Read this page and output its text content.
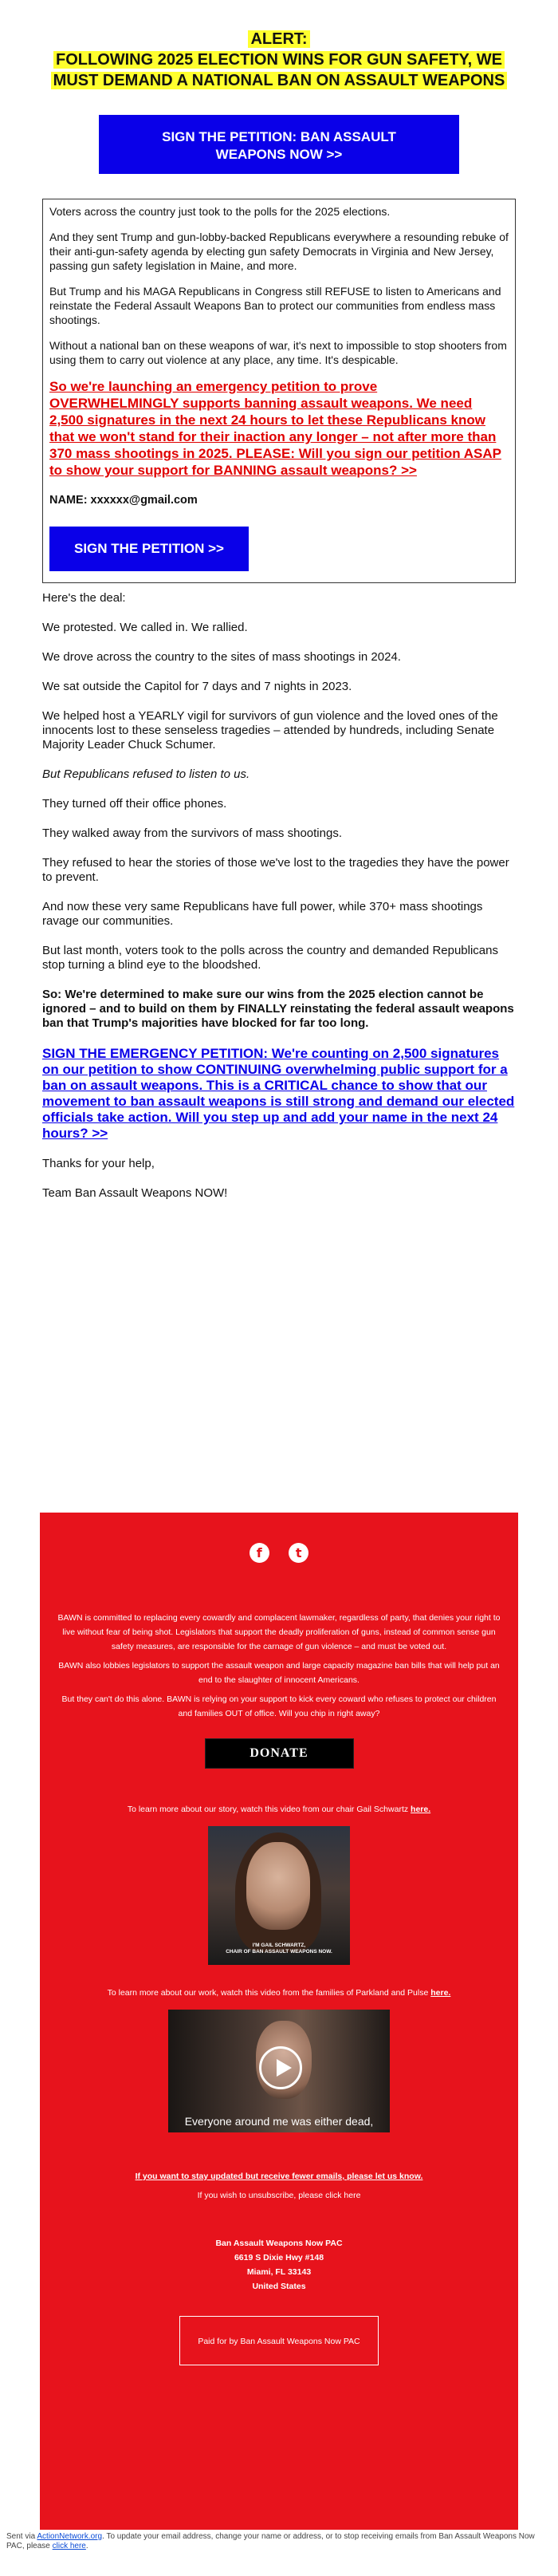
ALERT:
FOLLOWING 2025 ELECTION WINS FOR GUN SAFETY, WE
MUST DEMAND A NATIONAL BAN ON ASSAULT WEAPONS
SIGN THE PETITION: BAN ASSAULT
WEAPONS NOW >>

Voters across the country just took to the polls for the 2025 elections.

And they sent Trump and gun-lobby-backed Republicans everywhere a resounding rebuke of their anti-gun-safety agenda by electing gun safety Democrats in Virginia and New Jersey, passing gun safety legislation in Maine, and more.

But Trump and his MAGA Republicans in Congress still REFUSE to listen to Americans and reinstate the Federal Assault Weapons Ban to protect our communities from endless mass shootings.

Without a national ban on these weapons of war, it's next to impossible to stop shooters from using them to carry out violence at any place, any time. It's despicable.

So we're launching an emergency petition to prove OVERWHELMINGLY supports banning assault weapons. We need 2,500 signatures in the next 24 hours to let these Republicans know that we won't stand for their inaction any longer – not after more than 370 mass shootings in 2025. PLEASE: Will you sign our petition ASAP to show your support for BANNING assault weapons? >>

NAME: xxxxxx@gmail.com

SIGN THE PETITION >>

Here's the deal:

We protested. We called in. We rallied.

We drove across the country to the sites of mass shootings in 2024.

We sat outside the Capitol for 7 days and 7 nights in 2023.

We helped host a YEARLY vigil for survivors of gun violence and the loved ones of the innocents lost to these senseless tragedies – attended by hundreds, including Senate Majority Leader Chuck Schumer.

But Republicans refused to listen to us.

They turned off their office phones.

They walked away from the survivors of mass shootings.

They refused to hear the stories of those we've lost to the tragedies they have the power to prevent.

And now these very same Republicans have full power, while 370+ mass shootings ravage our communities.

But last month, voters took to the polls across the country and demanded Republicans stop turning a blind eye to the bloodshed.

So: We're determined to make sure our wins from the 2025 election cannot be ignored – and to build on them by FINALLY reinstating the federal assault weapons ban that Trump's majorities have blocked for far too long.

SIGN THE EMERGENCY PETITION: We're counting on 2,500 signatures on our petition to show CONTINUING overwhelming public support for a ban on assault weapons. This is a CRITICAL chance to show that our movement to ban assault weapons is still strong and demand our elected officials take action. Will you step up and add your name in the next 24 hours? >>

Thanks for your help,

Team Ban Assault Weapons NOW!

f	t

BAWN is committed to replacing every cowardly and complacent lawmaker, regardless of party, that denies your right to live without fear of being shot. Legislators that support the deadly proliferation of guns, instead of common sense gun safety measures, are responsible for the carnage of gun violence – and must be voted out.

BAWN also lobbies legislators to support the assault weapon and large capacity magazine ban bills that will help put an end to the slaughter of innocent Americans.

But they can't do this alone. BAWN is relying on your support to kick every coward who refuses to protect our children and families OUT of office. Will you chip in right away?

DONATE

To learn more about our story, watch this video from our chair Gail Schwartz here.

I'M GAIL SCHWARTZ,
CHAIR OF BAN ASSAULT WEAPONS NOW.

To learn more about our work, watch this video from the families of Parkland and Pulse here.

Everyone around me was either dead,

If you want to stay updated but receive fewer emails, please let us know.

If you wish to unsubscribe, please click here

Ban Assault Weapons Now PAC
6619 S Dixie Hwy #148
Miami, FL 33143
United States
Paid for by Ban Assault Weapons Now PAC
Sent via ActionNetwork.org. To update your email address, change your name or address, or to stop receiving emails from Ban Assault Weapons Now PAC, please click here.
